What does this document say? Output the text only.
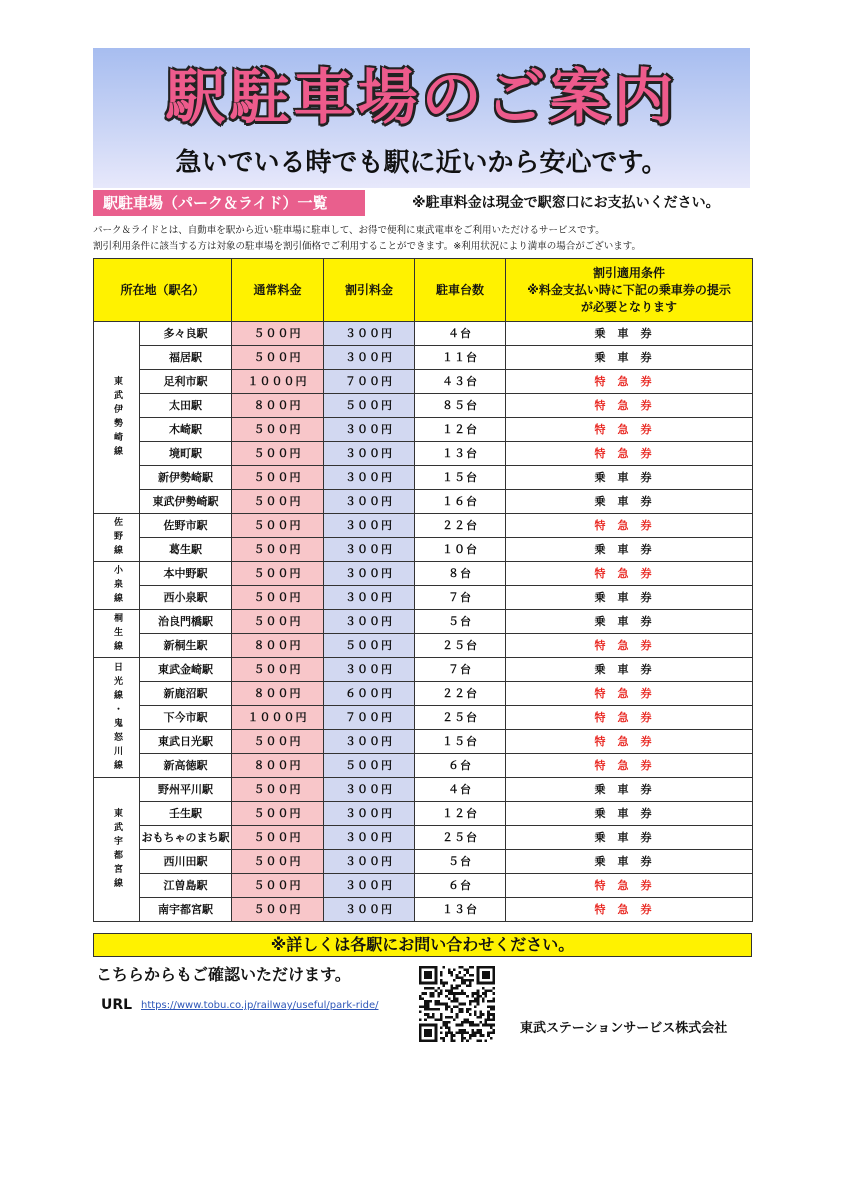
駅駐車場のご案内
急いでいる時でも駅に近いから安心です。
駅駐車場（パーク＆ライド）一覧	※駐車料金は現金で駅窓口にお支払いください。
パーク＆ライドとは、自動車を駅から近い駐車場に駐車して、お得で便利に東武電車をご利用いただけるサービスです。
割引利用条件に該当する方は対象の駐車場を割引価格でご利用することができます。※利用状況により満車の場合がございます。
所在地（駅名）		通常料金	割引料金	駐車台数	割引適用条件
※料金支払い時に下記の乗車券の提示
が必要となります

東武伊勢崎線	多々良駅	５００円	３００円	４台	乗車券
	福居駅	５００円	３００円	１１台	乗車券
	足利市駅	１０００円	７００円	４３台	特急券
	太田駅	８００円	５００円	８５台	特急券
	木崎駅	５００円	３００円	１２台	特急券
	境町駅	５００円	３００円	１３台	特急券
	新伊勢崎駅	５００円	３００円	１５台	乗車券
	東武伊勢崎駅	５００円	３００円	１６台	乗車券

佐野線	佐野市駅	５００円	３００円	２２台	特急券
	葛生駅	５００円	３００円	１０台	乗車券

小泉線	本中野駅	５００円	３００円	８台	特急券
	西小泉駅	５００円	３００円	７台	乗車券

桐生線	治良門橋駅	５００円	３００円	５台	乗車券
	新桐生駅	８００円	５００円	２５台	特急券

日光線・鬼怒川線	東武金崎駅	５００円	３００円	７台	乗車券
	新鹿沼駅	８００円	６００円	２２台	特急券
	下今市駅	１０００円	７００円	２５台	特急券
	東武日光駅	５００円	３００円	１５台	特急券
	新高徳駅	８００円	５００円	６台	特急券

東武宇都宮線	野州平川駅	５００円	３００円	４台	乗車券
	壬生駅	５００円	３００円	１２台	乗車券
	おもちゃのまち駅	５００円	３００円	２５台	乗車券
	西川田駅	５００円	３００円	５台	乗車券
	江曽島駅	５００円	３００円	６台	特急券
	南宇都宮駅	５００円	３００円	１３台	特急券
※詳しくは各駅にお問い合わせください。
こちらからもご確認いただけます。
URL https://www.tobu.co.jp/railway/useful/park-ride/
東武ステーションサービス株式会社
